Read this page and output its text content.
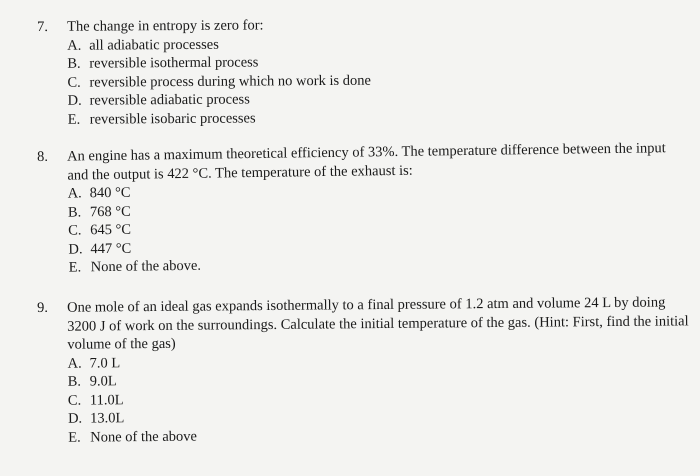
7. The change in entropy is zero for:
A. all adiabatic processes
B. reversible isothermal process
C. reversible process during which no work is done
D. reversible adiabatic process
E. reversible isobaric processes
8. An engine has a maximum theoretical efficiency of 33%. The temperature difference between the input and the output is 422 °C. The temperature of the exhaust is:
A. 840 °C
B. 768 °C
C. 645 °C
D. 447 °C
E. None of the above.
9. One mole of an ideal gas expands isothermally to a final pressure of 1.2 atm and volume 24 L by doing 3200 J of work on the surroundings. Calculate the initial temperature of the gas. (Hint: First, find the initial volume of the gas)
A. 7.0 L
B. 9.0L
C. 11.0L
D. 13.0L
E. None of the above
